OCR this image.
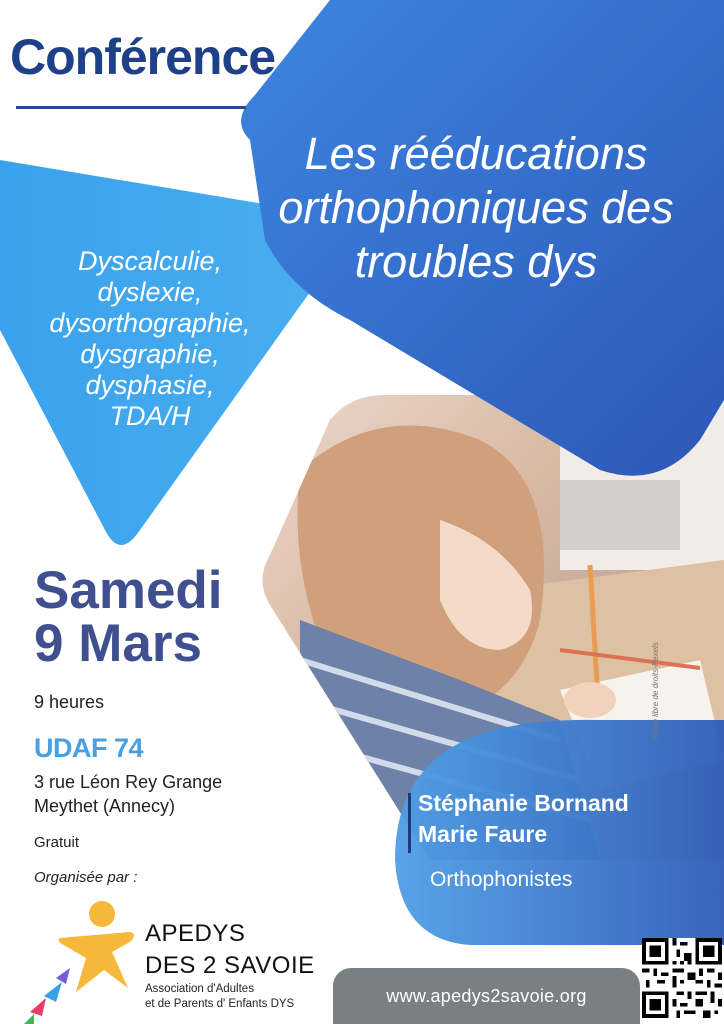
Conférence
Les rééducations
orthophoniques des
troubles dys
Dyscalculie,
dyslexie,
dysorthographie,
dysgraphie,
dysphasie,
TDA/H
Samedi
9 Mars
9 heures
UDAF 74
3 rue Léon Rey Grange
Meythet (Annecy)
Gratuit
Organisée par :
APEDYS
DES 2 SAVOIE
Association d'Adultes
et de Parents d' Enfants DYS
Stéphanie Bornand
Marie Faure
Orthophonistes
Photo libre de droits-Pexels
www.apedys2savoie.org
